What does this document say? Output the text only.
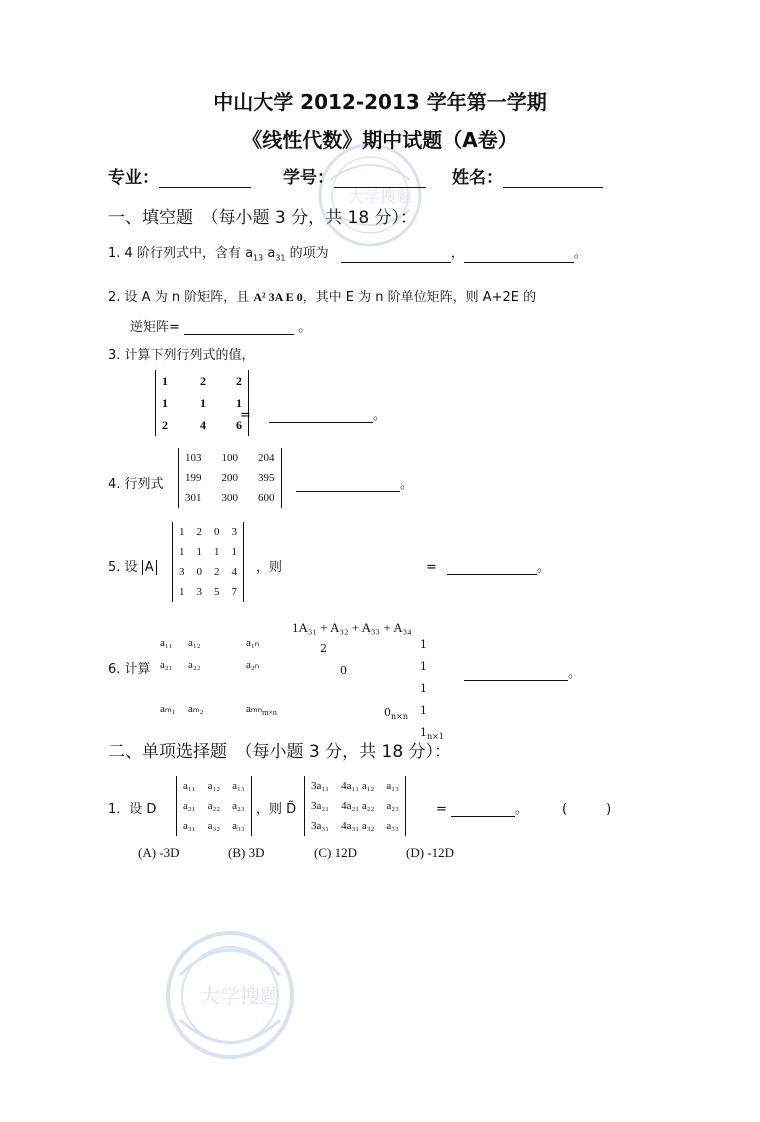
大学搜题
大学搜题
中山大学 2012-2013 学年第一学期
《线性代数》期中试题（A卷）
专业：	学号：	姓名：
一、填空题　（每小题 3 分，共 18 分）：
1. 4 阶行列式中，含有 $a_{13}$ $a_{31}$ 的项为	，	。
2. 设 A 为 n 阶矩阵，且 A² 3A E 0，其中 E 为 n 阶单位矩阵，则 A+2E 的
逆矩阵=	。
3. 计算下列行列式的值，
1	2	2
1	1	1
2	4	6
=	。
4. 行列式
103	100	204
199	200	395
301	300	600
。
5. 设 A
1	2	0	3
1	1	1	1
3	0	2	4
1	3	5	7
，则
1A₃₁ + A₃₂ + A₃₃ + A₃₄
=	。
6. 计算
a₁₁ a₁₂	a₁ₙ
a₂₁ a₂₂	a₂ₙ
aₘ₁ aₘ₂	aₘₙ$_{m\times n}$
2
0
$0_{n\times n}$
1
1
1
1
$1_{n\times 1}$
。
二、单项选择题　（每小题 3 分，共 18 分）：
1．设 D
a₁₁	a₁₂	a₁₃
a₂₁	a₂₂	a₂₃
a₃₁	a₃₂	a₃₃
，则 D̃
3a₁₁	4a₁₁ a₁₂	a₁₃
3a₂₁	4a₂₁ a₂₂	a₂₃
3a₃₁	4a₃₁ a₃₂	a₃₃
=	。	(　　　)
(A) -3D	(B) 3D	(C) 12D	(D) -12D
